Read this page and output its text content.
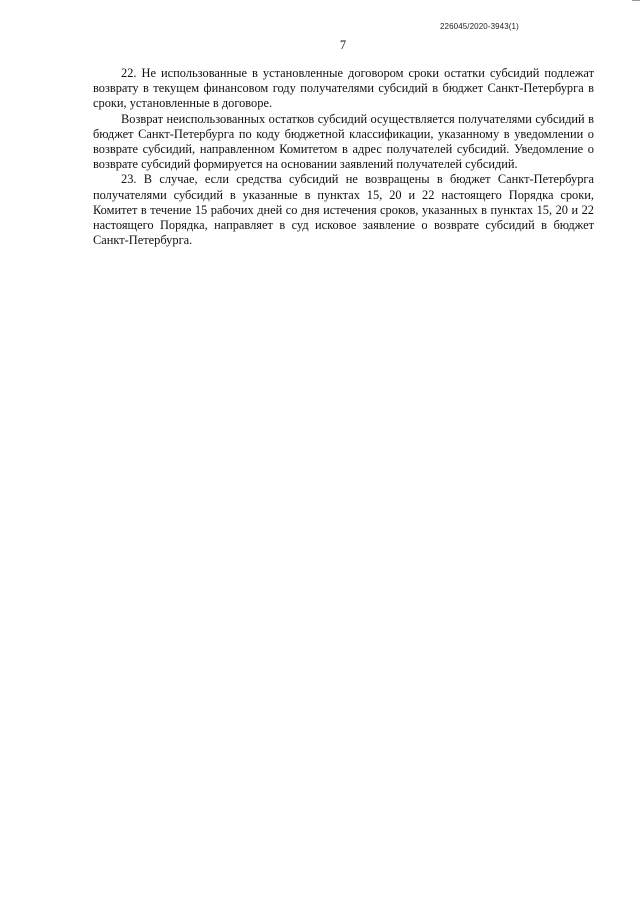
226045/2020-3943(1)
7

22. Не использованные в установленные договором сроки остатки субсидий подлежат возврату в текущем финансовом году получателями субсидий в бюджет Санкт-Петербурга в сроки, установленные в договоре.

Возврат неиспользованных остатков субсидий осуществляется получателями субсидий в бюджет Санкт-Петербурга по коду бюджетной классификации, указанному в уведомлении о возврате субсидий, направленном Комитетом в адрес получателей субсидий. Уведомление о возврате субсидий формируется на основании заявлений получателей субсидий.

23. В случае, если средства субсидий не возвращены в бюджет Санкт-Петербурга получателями субсидий в указанные в пунктах 15, 20 и 22 настоящего Порядка сроки, Комитет в течение 15 рабочих дней со дня истечения сроков, указанных в пунктах 15, 20 и 22 настоящего Порядка, направляет в суд исковое заявление о возврате субсидий в бюджет Санкт-Петербурга.
